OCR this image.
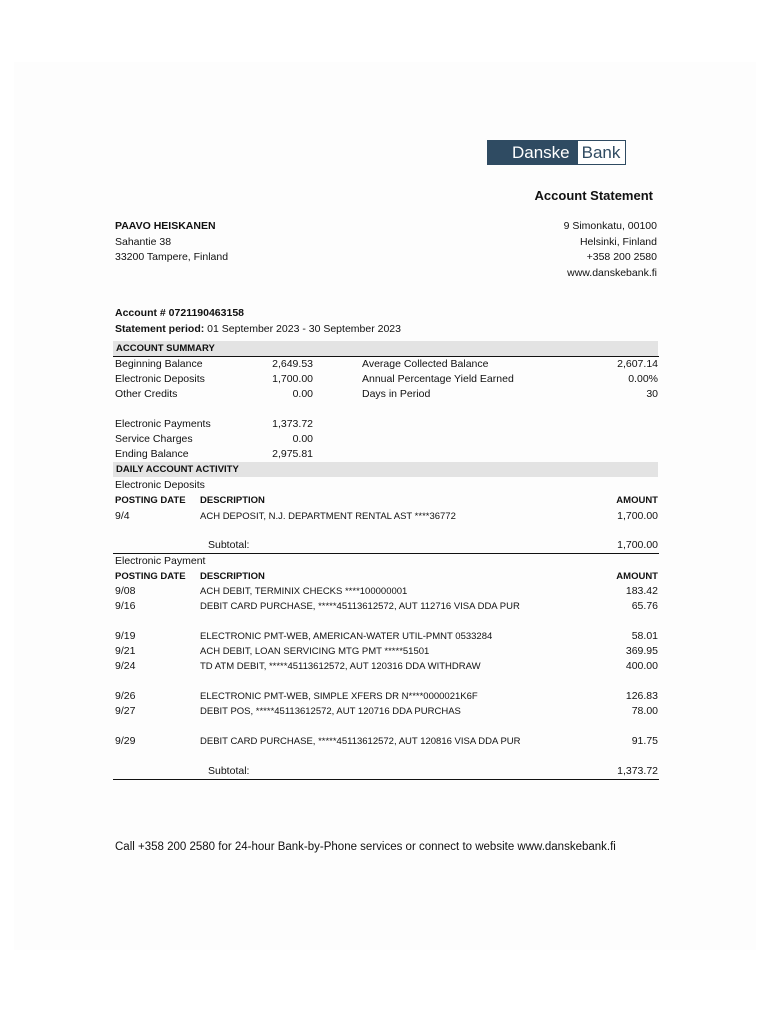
Danske Bank
Account Statement
PAAVO HEISKANEN
Sahantie 38
33200 Tampere, Finland
9 Simonkatu, 00100
Helsinki, Finland
+358 200 2580
www.danskebank.fi
Account # 0721190463158
Statement period: 01 September 2023 - 30 September 2023
ACCOUNT SUMMARY
Beginning Balance	2,649.53	Average Collected Balance	2,607.14
Electronic Deposits	1,700.00	Annual Percentage Yield Earned	0.00%
Other Credits	0.00	Days in Period	30
Electronic Payments	1,373.72
Service Charges	0.00
Ending Balance	2,975.81
DAILY ACCOUNT ACTIVITY
Electronic Deposits
POSTING DATE DESCRIPTION	AMOUNT
9/4	ACH DEPOSIT, N.J. DEPARTMENT RENTAL AST ****36772	1,700.00
Subtotal:	1,700.00
Electronic Payment
POSTING DATE DESCRIPTION	AMOUNT
9/08	ACH DEBIT, TERMINIX CHECKS ****100000001	183.42
9/16	DEBIT CARD PURCHASE, *****45113612572, AUT 112716 VISA DDA PUR	65.76
9/19	ELECTRONIC PMT-WEB, AMERICAN-WATER UTIL-PMNT 0533284	58.01
9/21	ACH DEBIT, LOAN SERVICING MTG PMT *****51501	369.95
9/24	TD ATM DEBIT, *****45113612572, AUT 120316 DDA WITHDRAW	400.00
9/26	ELECTRONIC PMT-WEB, SIMPLE XFERS DR N****0000021K6F	126.83
9/27	DEBIT POS, *****45113612572, AUT 120716 DDA PURCHAS	78.00
9/29	DEBIT CARD PURCHASE, *****45113612572, AUT 120816 VISA DDA PUR	91.75
Subtotal:	1,373.72
Call +358 200 2580 for 24-hour Bank-by-Phone services or connect to website www.danskebank.fi
